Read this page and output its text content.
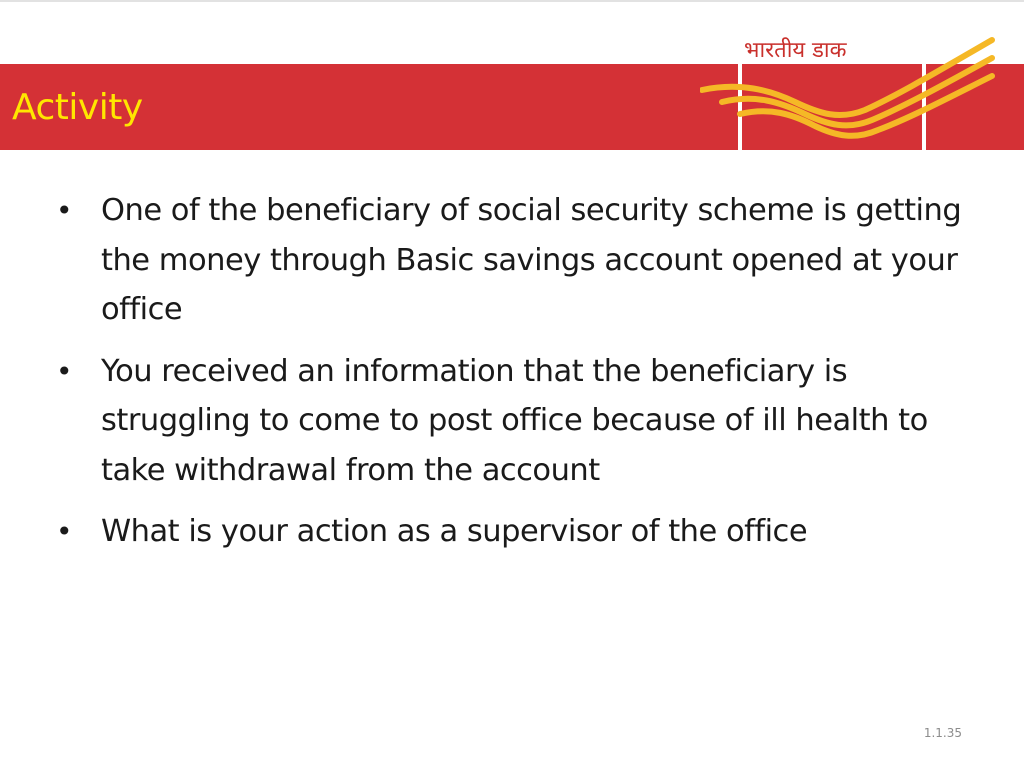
Activity
भारतीय डाक
• One of the beneficiary of social security scheme is getting the money through Basic savings account opened at your office
• You received an information that the beneficiary is struggling to come to post office because of ill health to take withdrawal from the account
• What is your action as a supervisor of the office
1.1.35
